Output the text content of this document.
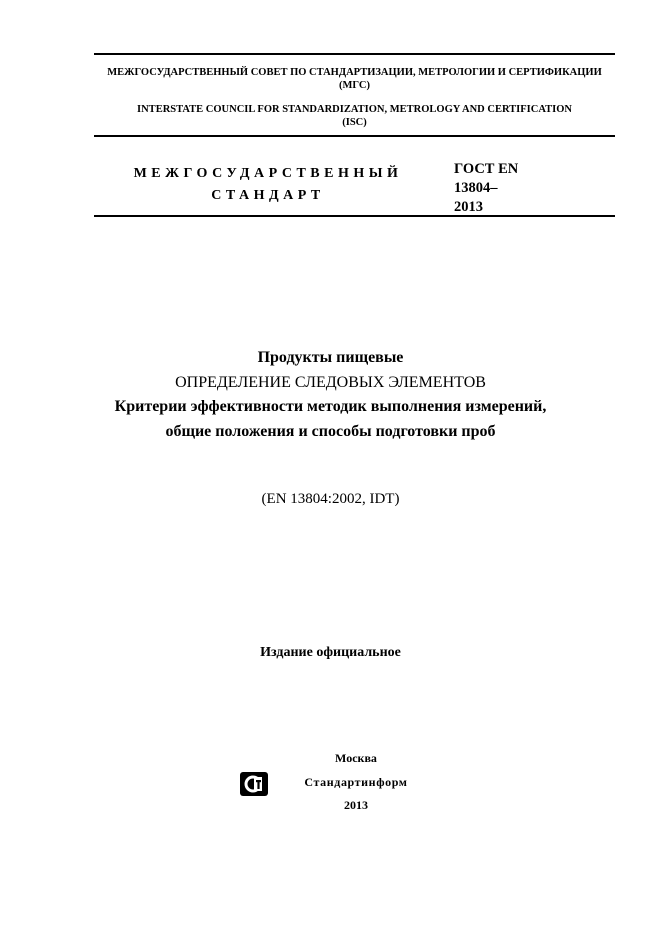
МЕЖГОСУДАРСТВЕННЫЙ СОВЕТ ПО СТАНДАРТИЗАЦИИ, МЕТРОЛОГИИ И СЕРТИФИКАЦИИ
(МГС)
INTERSTATE COUNCIL FOR STANDARDIZATION, METROLOGY AND CERTIFICATION
(ISC)
МЕЖГОСУДАРСТВЕННЫЙ
СТАНДАРТ
ГОСТ EN
13804–
2013
Продукты пищевые
ОПРЕДЕЛЕНИЕ СЛЕДОВЫХ ЭЛЕМЕНТОВ
Критерии эффективности методик выполнения измерений,
общие положения и способы подготовки проб
(EN 13804:2002, IDT)
Издание официальное
Москва
Стандартинформ
2013
